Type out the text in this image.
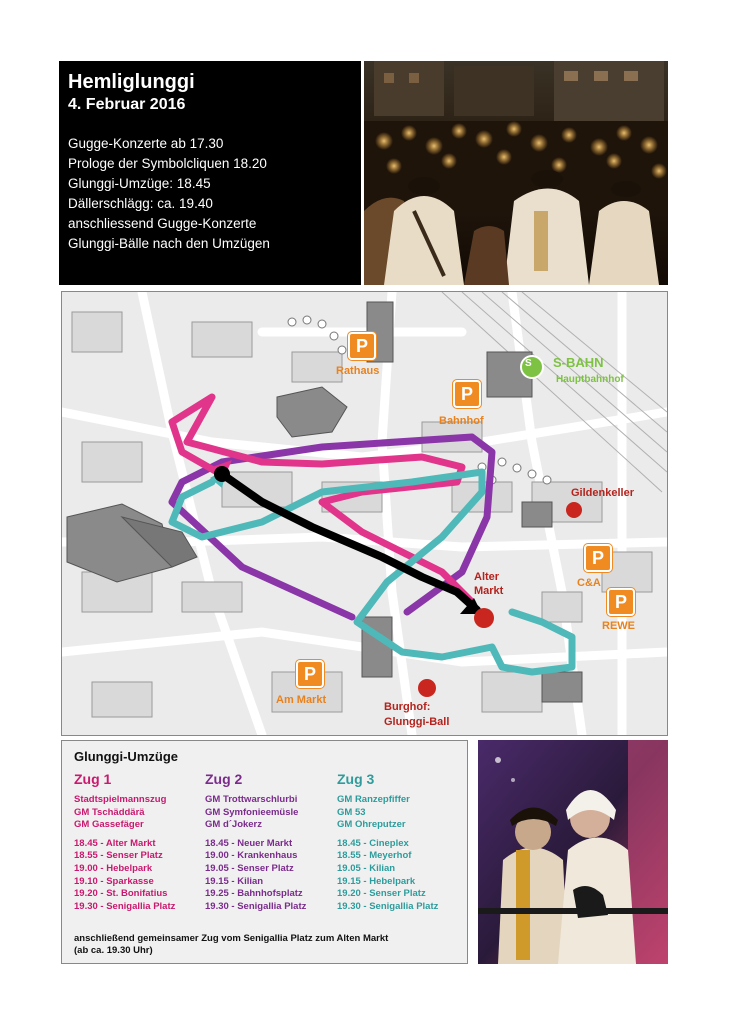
Hemliglunggi
4. Februar 2016
Gugge-Konzerte ab 17.30
Prologe der Symbolcliquen 18.20
Glunggi-Umzüge: 18.45
Dällerschlägg: ca. 19.40
anschliessend Gugge-Konzerte
Glunggi-Bälle nach den Umzügen
P
Rathaus
P
Bahnhof
S S-BAHN
Hauptbahnhof
Gildenkeller
Alter
Markt
P
C&A
P
REWE
P
Am Markt
Burghof:
Glunggi-Ball
Glunggi-Umzüge
Zug 1
Stadtspielmannszug
GM Tschäddärä
GM Gassefäger
18.45 - Alter Markt
18.55 - Senser Platz
19.00 - Hebelpark
19.10 - Sparkasse
19.20 - St. Bonifatius
19.30 - Senigallia Platz
Zug 2
GM Trottwarschlurbi
GM Symfonieemüsle
GM d´Jokerz
18.45 - Neuer Markt
19.00 - Krankenhaus
19.05 - Senser Platz
19.15 - Kilian
19.25 - Bahnhofsplatz
19.30 - Senigallia Platz
Zug 3
GM Ranzepfiffer
GM 53
GM Ohreputzer
18.45 - Cineplex
18.55 - Meyerhof
19.05 - Kilian
19.15 - Hebelpark
19.20 - Senser Platz
19.30 - Senigallia Platz
anschließend gemeinsamer Zug vom Senigallia Platz zum Alten Markt
(ab ca. 19.30 Uhr)
